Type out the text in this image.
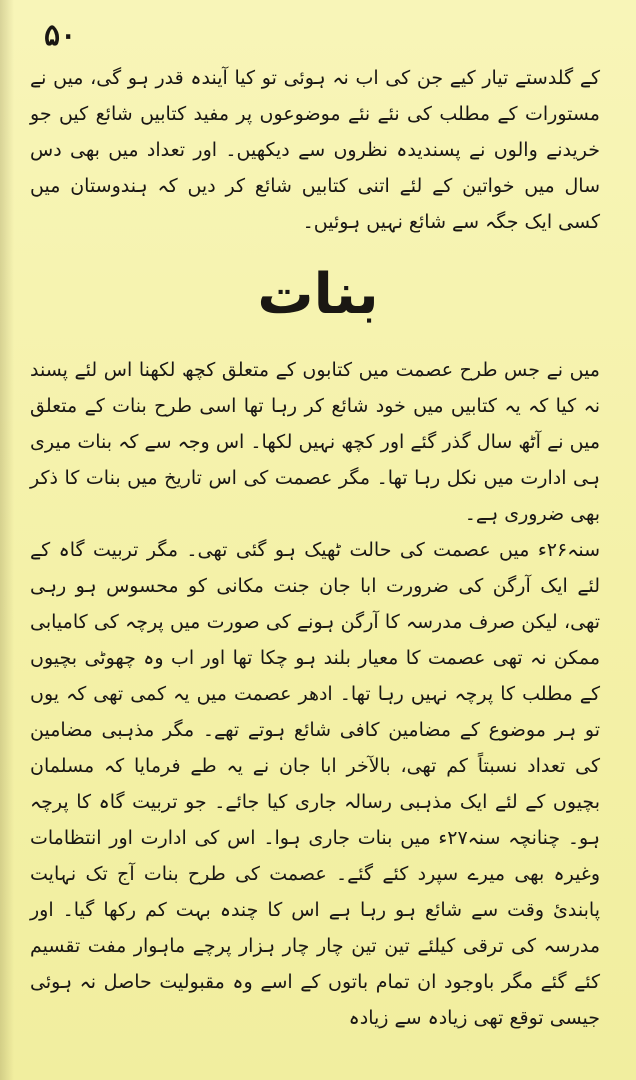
۵۰

کے گلدستے تیار کیے جن کی اب نہ ہوئی تو کیا آیندہ قدر ہو گی، میں نے مستورات کے مطلب کی نئے نئے موضوعوں پر مفید کتابیں شائع کیں جو خریدنے والوں نے پسندیدہ نظروں سے دیکھیں۔ اور تعداد میں بھی دس سال میں خواتین کے لئے اتنی کتابیں شائع کر دیں کہ ہندوستان میں کسی ایک جگہ سے شائع نہیں ہوئیں۔

بنات

میں نے جس طرح عصمت میں کتابوں کے متعلق کچھ لکھنا اس لئے پسند نہ کیا کہ یہ کتابیں میں خود شائع کر رہا تھا اسی طرح بنات کے متعلق میں نے آٹھ سال گذر گئے اور کچھ نہیں لکھا۔ اس وجہ سے کہ بنات میری ہی ادارت میں نکل رہا تھا۔ مگر عصمت کی اس تاریخ میں بنات کا ذکر بھی ضروری ہے۔

سنہ۲۶ء میں عصمت کی حالت ٹھیک ہو گئی تھی۔ مگر تربیت گاہ کے لئے ایک آرگن کی ضرورت ابا جان جنت مکانی کو محسوس ہو رہی تھی، لیکن صرف مدرسہ کا آرگن ہونے کی صورت میں پرچہ کی کامیابی ممکن نہ تھی عصمت کا معیار بلند ہو چکا تھا اور اب وہ چھوٹی بچیوں کے مطلب کا پرچہ نہیں رہا تھا۔ ادھر عصمت میں یہ کمی تھی کہ یوں تو ہر موضوع کے مضامین کافی شائع ہوتے تھے۔ مگر مذہبی مضامین کی تعداد نسبتاً کم تھی، بالآخر ابا جان نے یہ طے فرمایا کہ مسلمان بچیوں کے لئے ایک مذہبی رسالہ جاری کیا جائے۔ جو تربیت گاہ کا پرچہ ہو۔ چنانچہ سنہ۲۷ء میں بنات جاری ہوا۔ اس کی ادارت اور انتظامات وغیرہ بھی میرے سپرد کئے گئے۔ عصمت کی طرح بنات آج تک نہایت پابندیٔ وقت سے شائع ہو رہا ہے اس کا چندہ بہت کم رکھا گیا۔ اور مدرسہ کی ترقی کیلئے تین تین چار چار ہزار پرچے ماہوار مفت تقسیم کئے گئے مگر باوجود ان تمام باتوں کے اسے وہ مقبولیت حاصل نہ ہوئی جیسی توقع تھی زیادہ سے زیادہ
